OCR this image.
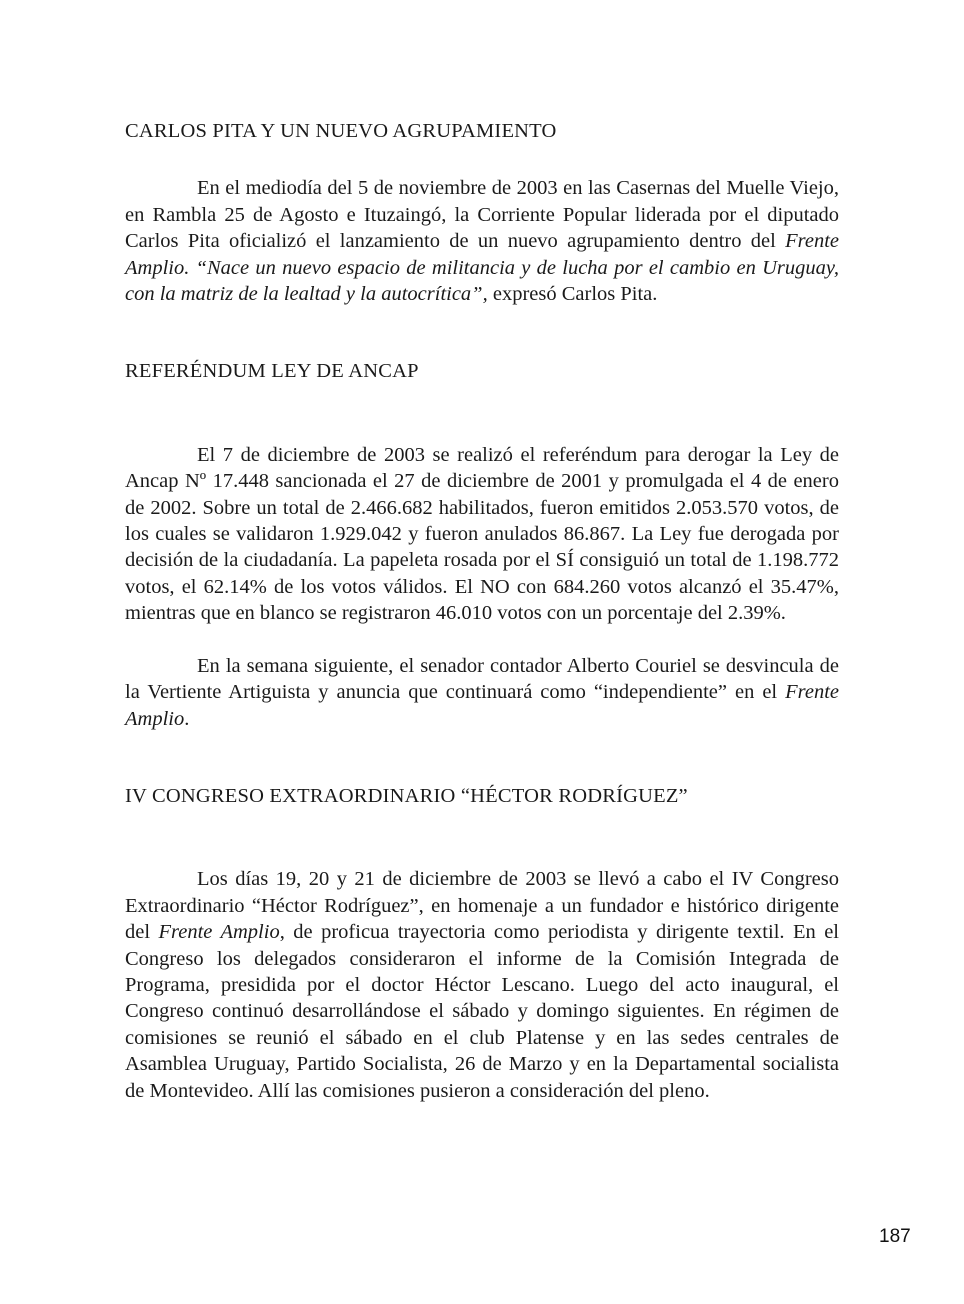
CARLOS PITA Y UN NUEVO AGRUPAMIENTO

En el mediodía del 5 de noviembre de 2003 en las Casernas del Muelle Viejo, en Rambla 25 de Agosto e Ituzaingó, la Corriente Popular liderada por el diputado Carlos Pita oficializó el lanzamiento de un nuevo agrupamiento dentro del Frente Amplio. “Nace un nuevo espacio de militancia y de lucha por el cambio en Uruguay, con la matriz de la lealtad y la autocrítica”, expresó Carlos Pita.

REFERÉNDUM LEY DE ANCAP

El 7 de diciembre de 2003 se realizó el referéndum para derogar la Ley de Ancap Nº 17.448 sancionada el 27 de diciembre de 2001 y promulgada el 4 de enero de 2002. Sobre un total de 2.466.682 habilitados, fueron emitidos 2.053.570 votos, de los cuales se validaron 1.929.042 y fueron anulados 86.867. La Ley fue derogada por decisión de la ciudadanía. La papeleta rosada por el SÍ consiguió un total de 1.198.772 votos, el 62.14% de los votos válidos. El NO con 684.260 votos alcanzó el 35.47%, mientras que en blanco se registraron 46.010 votos con un porcentaje del 2.39%.

En la semana siguiente, el senador contador Alberto Couriel se desvincula de la Vertiente Artiguista y anuncia que continuará como “independiente” en el Frente Amplio.

IV CONGRESO EXTRAORDINARIO “HÉCTOR RODRÍGUEZ”

Los días 19, 20 y 21 de diciembre de 2003 se llevó a cabo el IV Congreso Extraordinario “Héctor Rodríguez”, en homenaje a un fundador e histórico dirigente del Frente Amplio, de proficua trayectoria como periodista y dirigente textil. En el Congreso los delegados consideraron el informe de la Comisión Integrada de Programa, presidida por el doctor Héctor Lescano. Luego del acto inaugural, el Congreso continuó desarrollándose el sábado y domingo siguientes. En régimen de comisiones se reunió el sábado en el club Platense y en las sedes centrales de Asamblea Uruguay, Partido Socialista, 26 de Marzo y en la Departamental socialista de Montevideo. Allí las comisiones pusieron a consideración del pleno.

187
